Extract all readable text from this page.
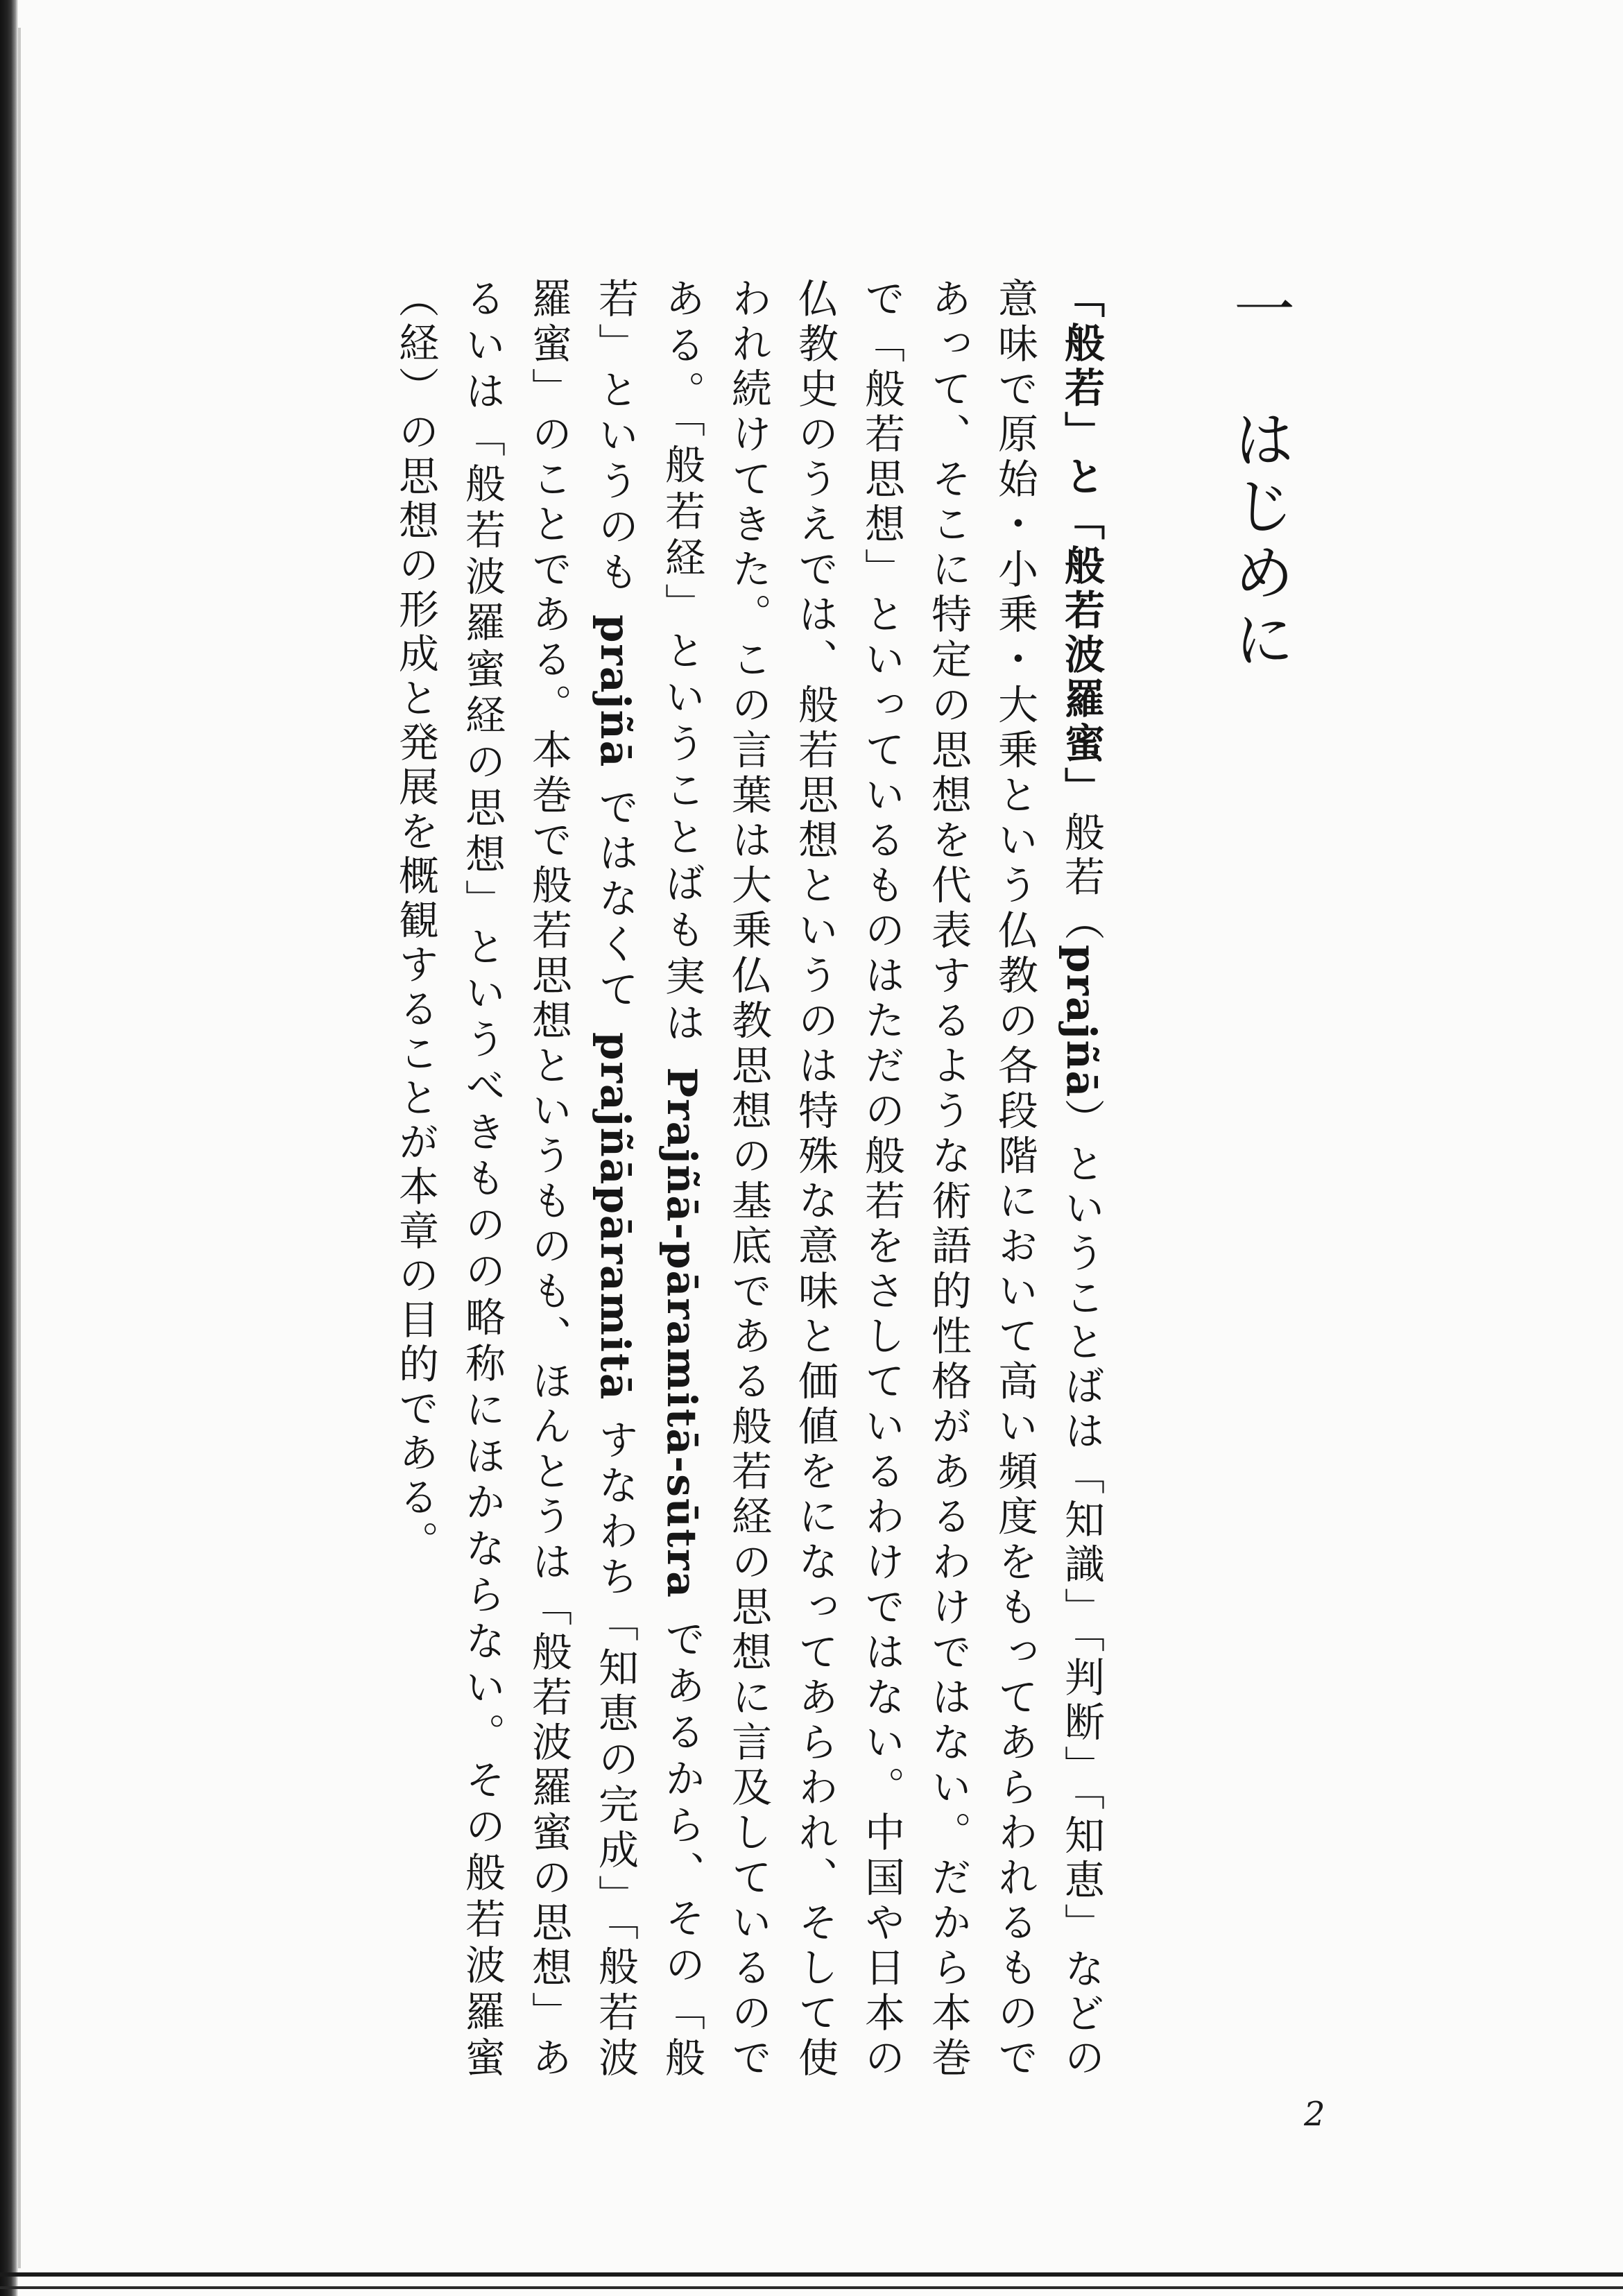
一はじめに

「般若」と「般若波羅蜜」般若（prajñā）ということばは「知識」「判断」「知恵」などの意味で原始・小乗・大乗という仏教の各段階において高い頻度をもってあらわれるものであって、そこに特定の思想を代表するような術語的性格があるわけではない。だから本巻で「般若思想」といっているものはただの般若をさしているわけではない。中国や日本の仏教史のうえでは、般若思想というのは特殊な意味と価値をになってあらわれ、そして使われ続けてきた。この言葉は大乗仏教思想の基底である般若経の思想に言及しているのである。「般若経」ということばも実は Prajñā-pāramitā-sūtra であるから、その「般若」というのも prajñā ではなくて prajñāpāramitā すなわち「知恵の完成」「般若波羅蜜」のことである。本巻で般若思想というものも、ほんとうは「般若波羅蜜の思想」あるいは「般若波羅蜜経の思想」というべきものの略称にほかならない。その般若波羅蜜（経）の思想の形成と発展を概観することが本章の目的である。

2
